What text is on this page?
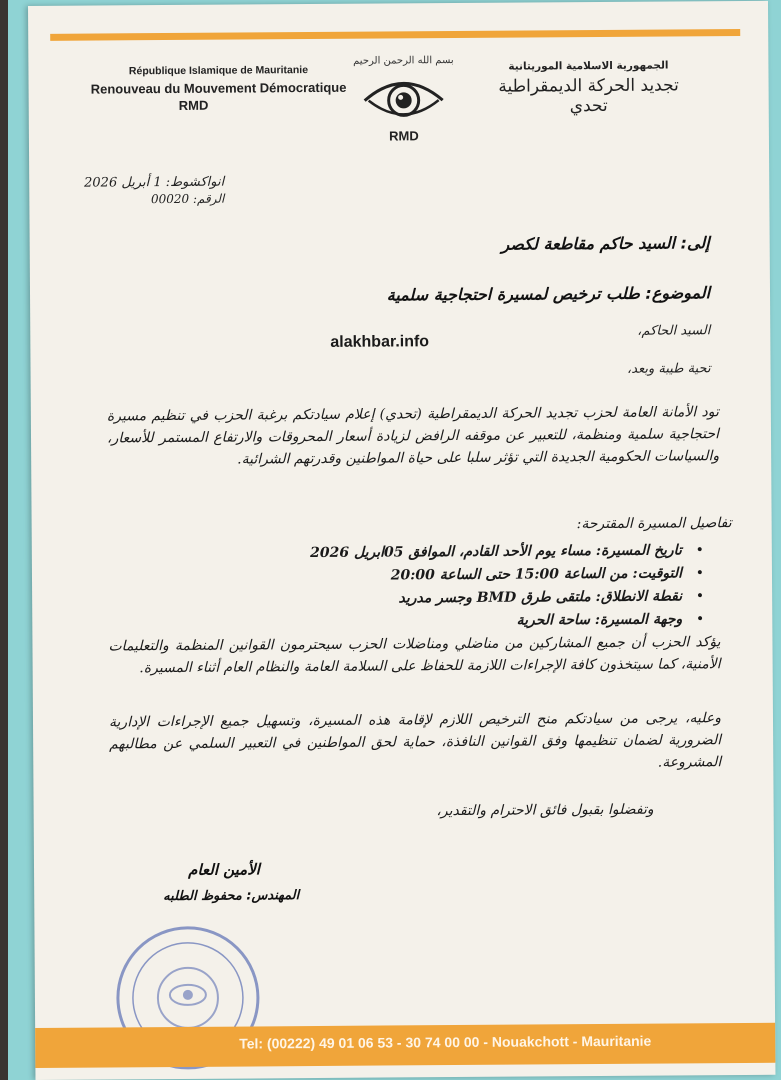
République Islamique de Mauritanie
Renouveau du Mouvement Démocratique
RMD
بسم الله الرحمن الرحيم
RMD
الجمهورية الاسلامية الموريتانية
تجديد الحركة الديمقراطية
تحدي
انواكشوط: 1 أبريل 2026
الرقم: 00020
إلى: السيد حاكم مقاطعة لكصر
الموضوع: طلب ترخيص لمسيرة احتجاجية سلمية
السيد الحاكم،
alakhbar.info
تحية طيبة وبعد،
تود الأمانة العامة لحزب تجديد الحركة الديمقراطية (تحدي) إعلام سيادتكم برغبة الحزب في تنظيم مسيرة احتجاجية سلمية ومنظمة، للتعبير عن موقفه الرافض لزيادة أسعار المحروقات والارتفاع المستمر للأسعار، والسياسات الحكومية الجديدة التي تؤثر سلبا على حياة المواطنين وقدرتهم الشرائية.
تفاصيل المسيرة المقترحة:
•
تاريخ المسيرة: مساء يوم الأحد القادم، الموافق 05ابريل 2026
•
التوقيت: من الساعة 15:00 حتى الساعة 20:00
•
نقطة الانطلاق: ملتقى طرق BMD وجسر مدريد
•
وجهة المسيرة: ساحة الحرية
يؤكد الحزب أن جميع المشاركين من مناضلي ومناضلات الحزب سيحترمون القوانين المنظمة والتعليمات الأمنية، كما سيتخذون كافة الإجراءات اللازمة للحفاظ على السلامة العامة والنظام العام أثناء المسيرة.
وعليه، يرجى من سيادتكم منح الترخيص اللازم لإقامة هذه المسيرة، وتسهيل جميع الإجراءات الإدارية الضرورية لضمان تنظيمها وفق القوانين النافذة، حماية لحق المواطنين في التعبير السلمي عن مطالبهم المشروعة.
وتفضلوا بقبول فائق الاحترام والتقدير،
الأمين العام
المهندس: محفوظ الطلبه
Tel: (00222) 49 01 06 53 - 30 74 00 00 - Nouakchott - Mauritanie
